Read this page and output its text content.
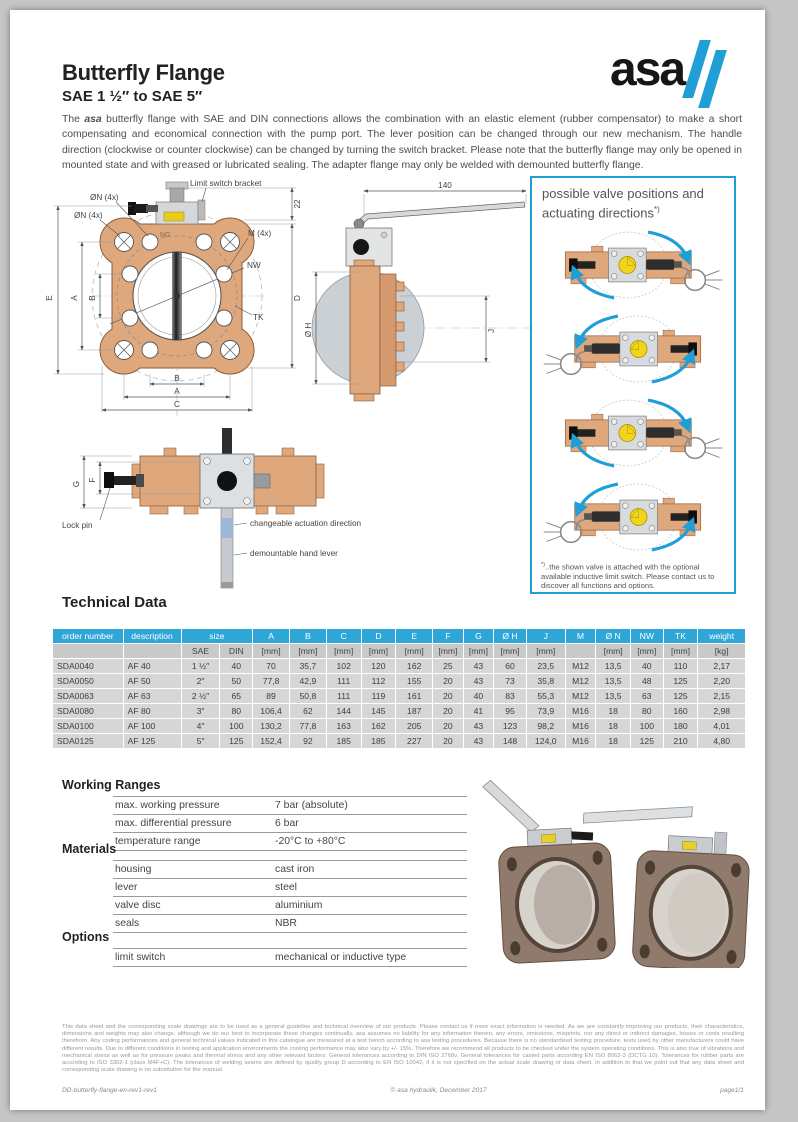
Butterfly Flange
SAE 1 ½″ to SAE 5″
asa
The asa butterfly flange with SAE and DIN connections allows the combination with an elastic element (rubber compensator) to make a short compensating and economical connection with the pump port. The lever position can be changed through our new mechanism. The handle direction (clockwise or counter clockwise) can be changed by turning the switch bracket. Please note that the butterfly flange may only be opened in mounted state and with greased or lubricated sealing. The adapter flange may only be welded with demounted butterfly flange.
Limit switch bracket
ØN (4x)
ØN (4x)
M (4x)
NW
TK
NG
E A B
B
A
C
22
D
140
Ø H	J
possible valve positions and actuating directions*)
*)..the shown valve is attached with the optional available inductive limit switch. Please contact us to discover all functions and options.
G
F
Lock pin	changeable actuation direction
demountable hand lever
Technical Data
order number	description	size		A	B	C	D	E	F	G	Ø H	J	M	Ø N	NW	TK	weight
		SAE	DIN	[mm]	[mm]	[mm]	[mm]	[mm]	[mm]	[mm]	[mm]	[mm]		[mm]	[mm]	[mm]	[kg]
SDA0040	AF 40	1 ½″	40	70	35,7	102	120	162	25	43	60	23,5	M12	13,5	40	110	2,17
SDA0050	AF 50	2″	50	77,8	42,9	111	112	155	20	43	73	35,8	M12	13,5	48	125	2,20
SDA0063	AF 63	2 ½″	65	89	50,8	111	119	161	20	40	83	55,3	M12	13,5	63	125	2,15
SDA0080	AF 80	3″	80	106,4	62	144	145	187	20	41	95	73,9	M16	18	80	160	2,98
SDA0100	AF 100	4″	100	130,2	77,8	163	162	205	20	43	123	98,2	M16	18	100	180	4,01
SDA0125	AF 125	5″	125	152,4	92	185	185	227	20	43	148	124,0	M16	18	125	210	4,80
Working Ranges
max. working pressure	7 bar (absolute)
max. differential pressure	6 bar
temperature range	-20°C to +80°C
Materials
housing	cast iron
lever	steel
valve disc	aluminium
seals	NBR
Options
limit switch	mechanical or inductive type
This data sheet and the corresponding scale drawings are to be used as a general guideline and technical overview of our products. Please contact us if more exact information is needed. As we are constantly improving our products, their characteristics, dimensions and weights may also change, although we do our best to incorporate these changes continually, asa assumes no liability for any information therein, any errors, omissions, misprints, nor any direct or indirect damages, losses or costs resulting therefrom. Any coding performances and general technical values indicated in this catalogue are measured at a test bench according to asa testing procedures. Because there is no standardized testing procedure, tests used by other manufacturers could have different results. Due to different conditions in testing and application environments the cooling performance may also vary by +/- 15%. Therefore we recommend all products to be checked under the system operating conditions. This is also true of vibrations and mechanical stress as well as for pressure peaks and thermal stress and any other relevant factors. General tolerances according to DIN ISO 2768v. General tolerances for casted parts according EN ISO 8062-3 (DCTG 10). Tolerances for rubber parts are according to ISO 3302-1 (class M4F+C). The tolerances of welding seams are defined by quality group D according to EN ISO 10042, if it is not specified on the actual scale drawing or data sheet. In addition to that we point out that any data sheet and corresponding scale drawing is no substitution for the manual.
DD-butterfly-flange-en-rev1-rev1	© asa hydraulik, December 2017	page1/1
